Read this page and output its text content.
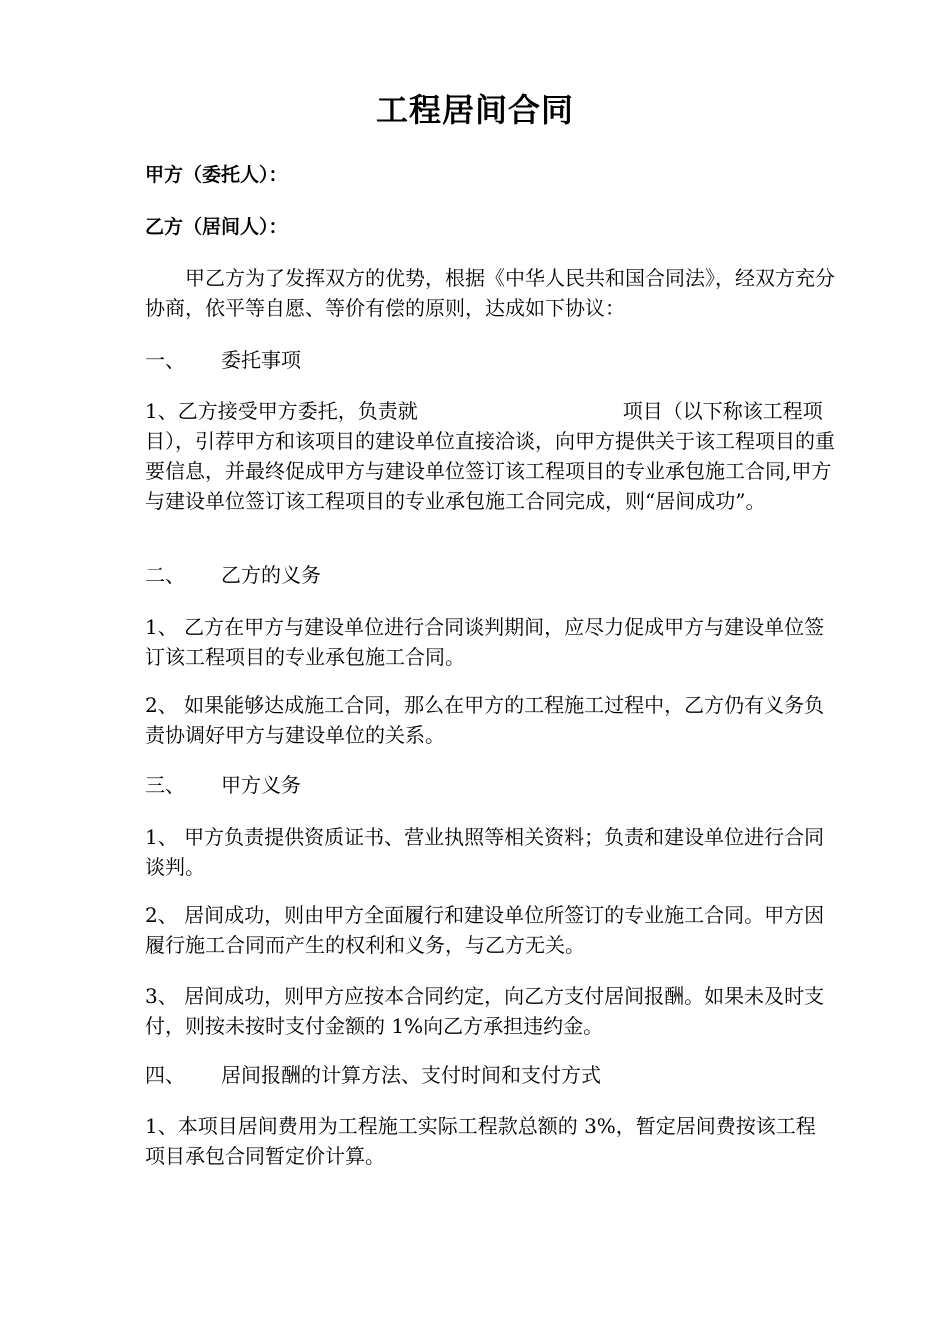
工程居间合同

甲方（委托人）：

乙方（居间人）：

甲乙方为了发挥双方的优势，根据《中华人民共和国合同法》，经双方充分协商，依平等自愿、等价有偿的原则，达成如下协议：

一、 委托事项

1、乙方接受甲方委托，负责就	项目（以下称该工程项目），引荐甲方和该项目的建设单位直接洽谈，向甲方提供关于该工程项目的重要信息，并最终促成甲方与建设单位签订该工程项目的专业承包施工合同,甲方与建设单位签订该工程项目的专业承包施工合同完成，则“居间成功”。

二、 乙方的义务

1、 乙方在甲方与建设单位进行合同谈判期间，应尽力促成甲方与建设单位签订该工程项目的专业承包施工合同。

2、 如果能够达成施工合同，那么在甲方的工程施工过程中，乙方仍有义务负责协调好甲方与建设单位的关系。

三、 甲方义务

1、 甲方负责提供资质证书、营业执照等相关资料；负责和建设单位进行合同谈判。

2、 居间成功，则由甲方全面履行和建设单位所签订的专业施工合同。甲方因履行施工合同而产生的权利和义务，与乙方无关。

3、 居间成功，则甲方应按本合同约定，向乙方支付居间报酬。如果未及时支付，则按未按时支付金额的 1%向乙方承担违约金。

四、 居间报酬的计算方法、支付时间和支付方式

1、本项目居间费用为工程施工实际工程款总额的 3%，暂定居间费按该工程项目承包合同暂定价计算。
